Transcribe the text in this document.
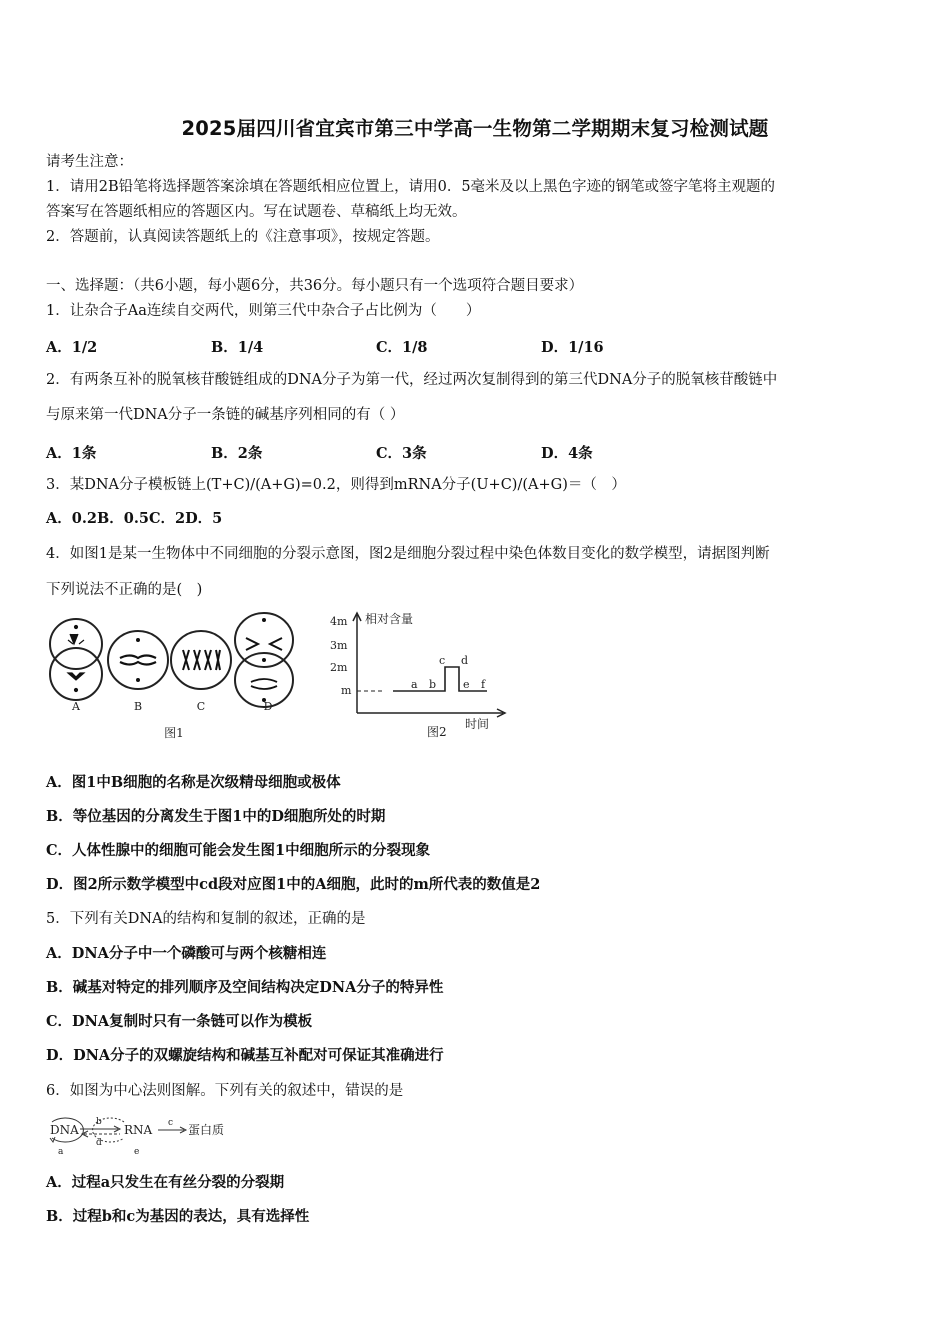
2025届四川省宜宾市第三中学高一生物第二学期期末复习检测试题
请考生注意：
1．请用2B铅笔将选择题答案涂填在答题纸相应位置上，请用0．5毫米及以上黑色字迹的钢笔或签字笔将主观题的
答案写在答题纸相应的答题区内。写在试题卷、草稿纸上均无效。
2．答题前，认真阅读答题纸上的《注意事项》，按规定答题。
一、选择题：（共6小题，每小题6分，共36分。每小题只有一个选项符合题目要求）
1．让杂合子Aa连续自交两代，则第三代中杂合子占比例为（　　）
A．1/2	B．1/4	C．1/8	D．1/16
2．有两条互补的脱氧核苷酸链组成的DNA分子为第一代，经过两次复制得到的第三代DNA分子的脱氧核苷酸链中
与原来第一代DNA分子一条链的碱基序列相同的有（ ）
A．1条	B．2条	C．3条	D．4条
3．某DNA分子模板链上(T+C)/(A+G)=0.2，则得到mRNA分子(U+C)/(A+G)＝（　）
A．0.2B．0.5C．2D．5
4．如图1是某一生物体中不同细胞的分裂示意图，图2是细胞分裂过程中染色体数目变化的数学模型，请据图判断
下列说法不正确的是(　)
A	B	C	D
图1
相对含量
4m
3m
2m
m	a b
c d
e f
时间
图2
A．图1中B细胞的名称是次级精母细胞或极体
B．等位基因的分离发生于图1中的D细胞所处的时期
C．人体性腺中的细胞可能会发生图1中细胞所示的分裂现象
D．图2所示数学模型中cd段对应图1中的A细胞，此时的m所代表的数值是2
5．下列有关DNA的结构和复制的叙述，正确的是
A．DNA分子中一个磷酸可与两个核糖相连
B．碱基对特定的排列顺序及空间结构决定DNA分子的特异性
C．DNA复制时只有一条链可以作为模板
D．DNA分子的双螺旋结构和碱基互补配对可保证其准确进行
6．如图为中心法则图解。下列有关的叙述中，错误的是
DNA	RNA	蛋白质
b
d
c
a	e
A．过程a只发生在有丝分裂的分裂期
B．过程b和c为基因的表达，具有选择性
